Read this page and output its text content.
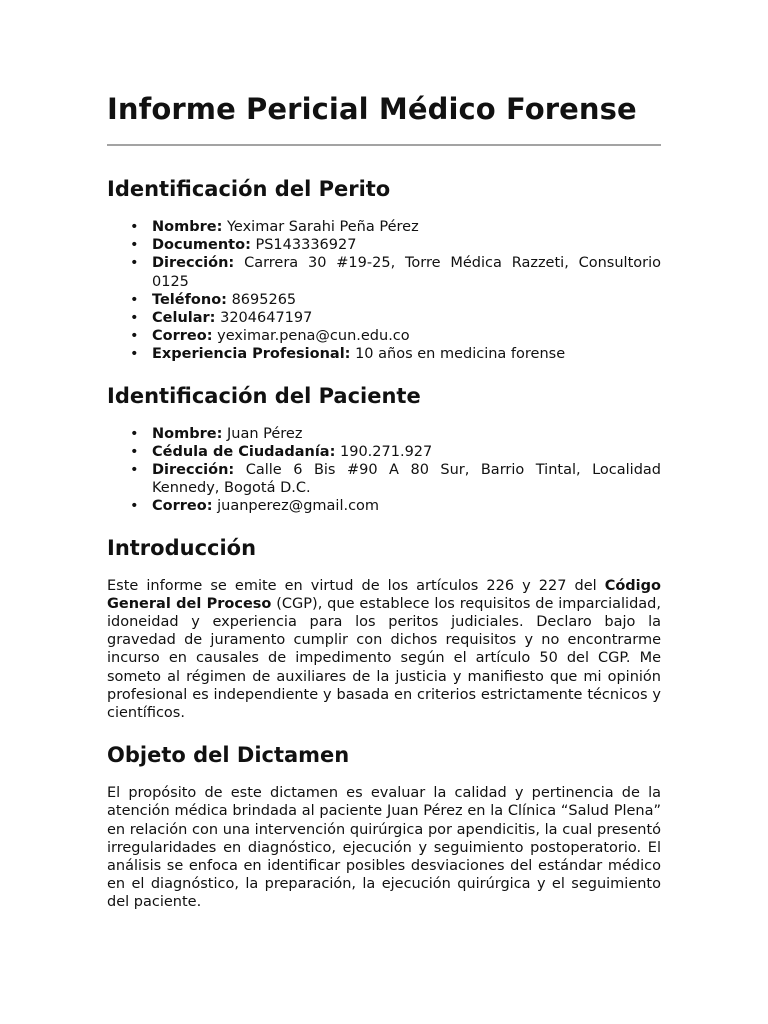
Informe Pericial Médico Forense
Identificación del Perito
• Nombre: Yeximar Sarahi Peña Pérez
• Documento: PS143336927
• Dirección: Carrera 30 #19-25, Torre Médica Razzeti, Consultorio 0125
• Teléfono: 8695265
• Celular: 3204647197
• Correo: yeximar.pena@cun.edu.co
• Experiencia Profesional: 10 años en medicina forense
Identificación del Paciente
• Nombre: Juan Pérez
• Cédula de Ciudadanía: 190.271.927
• Dirección: Calle 6 Bis #90 A 80 Sur, Barrio Tintal, Localidad Kennedy, Bogotá D.C.
• Correo: juanperez@gmail.com
Introducción

Este informe se emite en virtud de los artículos 226 y 227 del Código General del Proceso (CGP), que establece los requisitos de imparcialidad, idoneidad y experiencia para los peritos judiciales. Declaro bajo la gravedad de juramento cumplir con dichos requisitos y no encontrarme incurso en causales de impedimento según el artículo 50 del CGP. Me someto al régimen de auxiliares de la justicia y manifiesto que mi opinión profesional es independiente y basada en criterios estrictamente técnicos y científicos.

Objeto del Dictamen

El propósito de este dictamen es evaluar la calidad y pertinencia de la atención médica brindada al paciente Juan Pérez en la Clínica “Salud Plena” en relación con una intervención quirúrgica por apendicitis, la cual presentó irregularidades en diagnóstico, ejecución y seguimiento postoperatorio. El análisis se enfoca en identificar posibles desviaciones del estándar médico en el diagnóstico, la preparación, la ejecución quirúrgica y el seguimiento del paciente.
